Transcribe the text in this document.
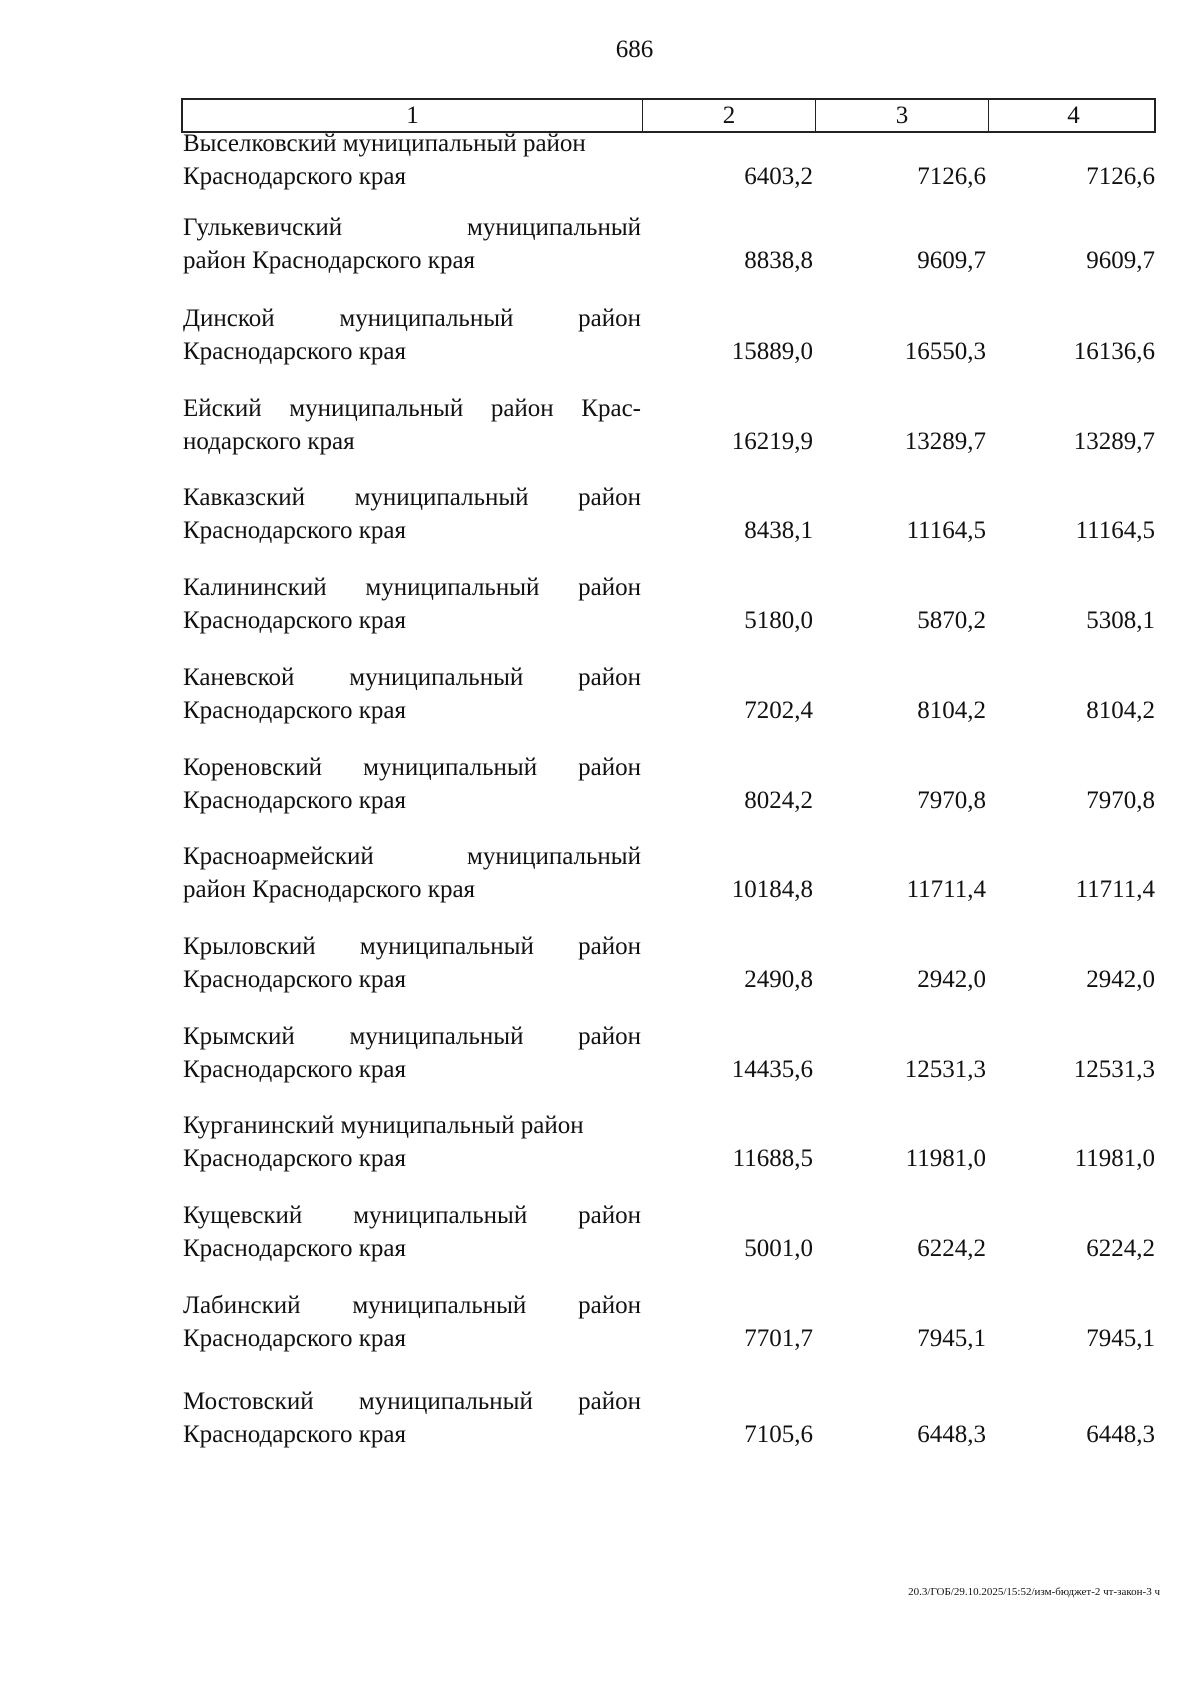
686
1	2	3	4
Выселковский муниципальный район
Краснодарского края	6403,2	7126,6	7126,6
Гулькевичский муниципальный
район Краснодарского края	8838,8	9609,7	9609,7
Динской муниципальный район
Краснодарского края	15889,0	16550,3	16136,6
Ейский муниципальный район Крас-
нодарского края	16219,9	13289,7	13289,7
Кавказский муниципальный район
Краснодарского края	8438,1	11164,5	11164,5
Калининский муниципальный район
Краснодарского края	5180,0	5870,2	5308,1
Каневской муниципальный район
Краснодарского края	7202,4	8104,2	8104,2
Кореновский муниципальный район
Краснодарского края	8024,2	7970,8	7970,8
Красноармейский муниципальный
район Краснодарского края	10184,8	11711,4	11711,4
Крыловский муниципальный район
Краснодарского края	2490,8	2942,0	2942,0
Крымский муниципальный район
Краснодарского края	14435,6	12531,3	12531,3
Курганинский муниципальный район
Краснодарского края	11688,5	11981,0	11981,0
Кущевский муниципальный район
Краснодарского края	5001,0	6224,2	6224,2
Лабинский муниципальный район
Краснодарского края	7701,7	7945,1	7945,1
Мостовский муниципальный район
Краснодарского края	7105,6	6448,3	6448,3
20.3/ГОБ/29.10.2025/15:52/изм-бюджет-2 чт-закон-3 ч
